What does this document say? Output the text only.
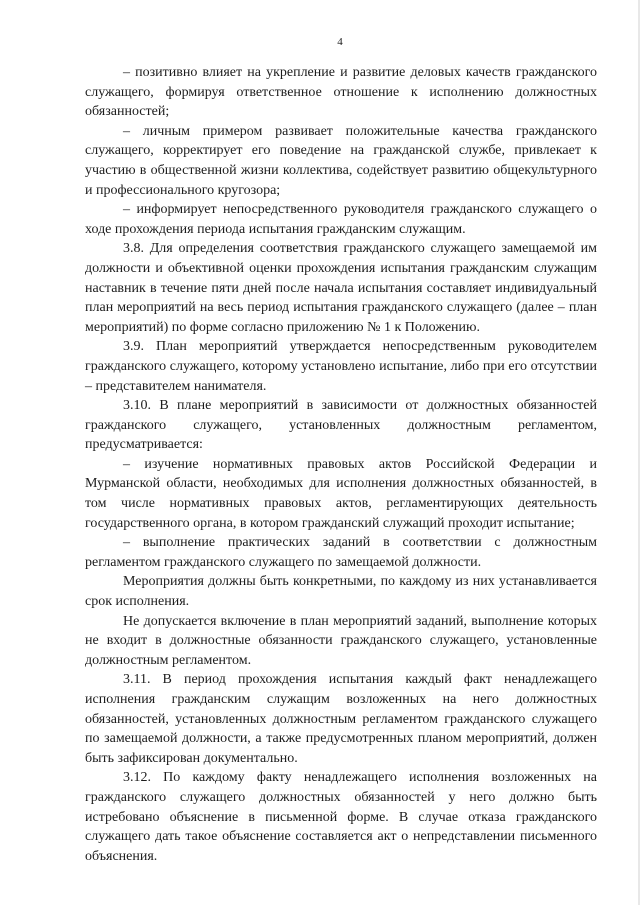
4

– позитивно влияет на укрепление и развитие деловых качеств гражданского служащего, формируя ответственное отношение к исполнению должностных обязанностей;

– личным примером развивает положительные качества гражданского служащего, корректирует его поведение на гражданской службе, привлекает к участию в общественной жизни коллектива, содействует развитию общекультурного и профессионального кругозора;

– информирует непосредственного руководителя гражданского служащего о ходе прохождения периода испытания гражданским служащим.

3.8. Для определения соответствия гражданского служащего замещаемой им должности и объективной оценки прохождения испытания гражданским служащим наставник в течение пяти дней после начала испытания составляет индивидуальный план мероприятий на весь период испытания гражданского служащего (далее – план мероприятий) по форме согласно приложению № 1 к Положению.

3.9. План мероприятий утверждается непосредственным руководителем гражданского служащего, которому установлено испытание, либо при его отсутствии – представителем нанимателя.

3.10. В плане мероприятий в зависимости от должностных обязанностей гражданского служащего, установленных должностным регламентом, предусматривается:

– изучение нормативных правовых актов Российской Федерации и Мурманской области, необходимых для исполнения должностных обязанностей, в том числе нормативных правовых актов, регламентирующих деятельность государственного органа, в котором гражданский служащий проходит испытание;

– выполнение практических заданий в соответствии с должностным регламентом гражданского служащего по замещаемой должности.

Мероприятия должны быть конкретными, по каждому из них устанавливается срок исполнения.

Не допускается включение в план мероприятий заданий, выполнение которых не входит в должностные обязанности гражданского служащего, установленные должностным регламентом.

3.11. В период прохождения испытания каждый факт ненадлежащего исполнения гражданским служащим возложенных на него должностных обязанностей, установленных должностным регламентом гражданского служащего по замещаемой должности, а также предусмотренных планом мероприятий, должен быть зафиксирован документально.

3.12. По каждому факту ненадлежащего исполнения возложенных на гражданского служащего должностных обязанностей у него должно быть истребовано объяснение в письменной форме. В случае отказа гражданского служащего дать такое объяснение составляется акт о непредставлении письменного объяснения.
